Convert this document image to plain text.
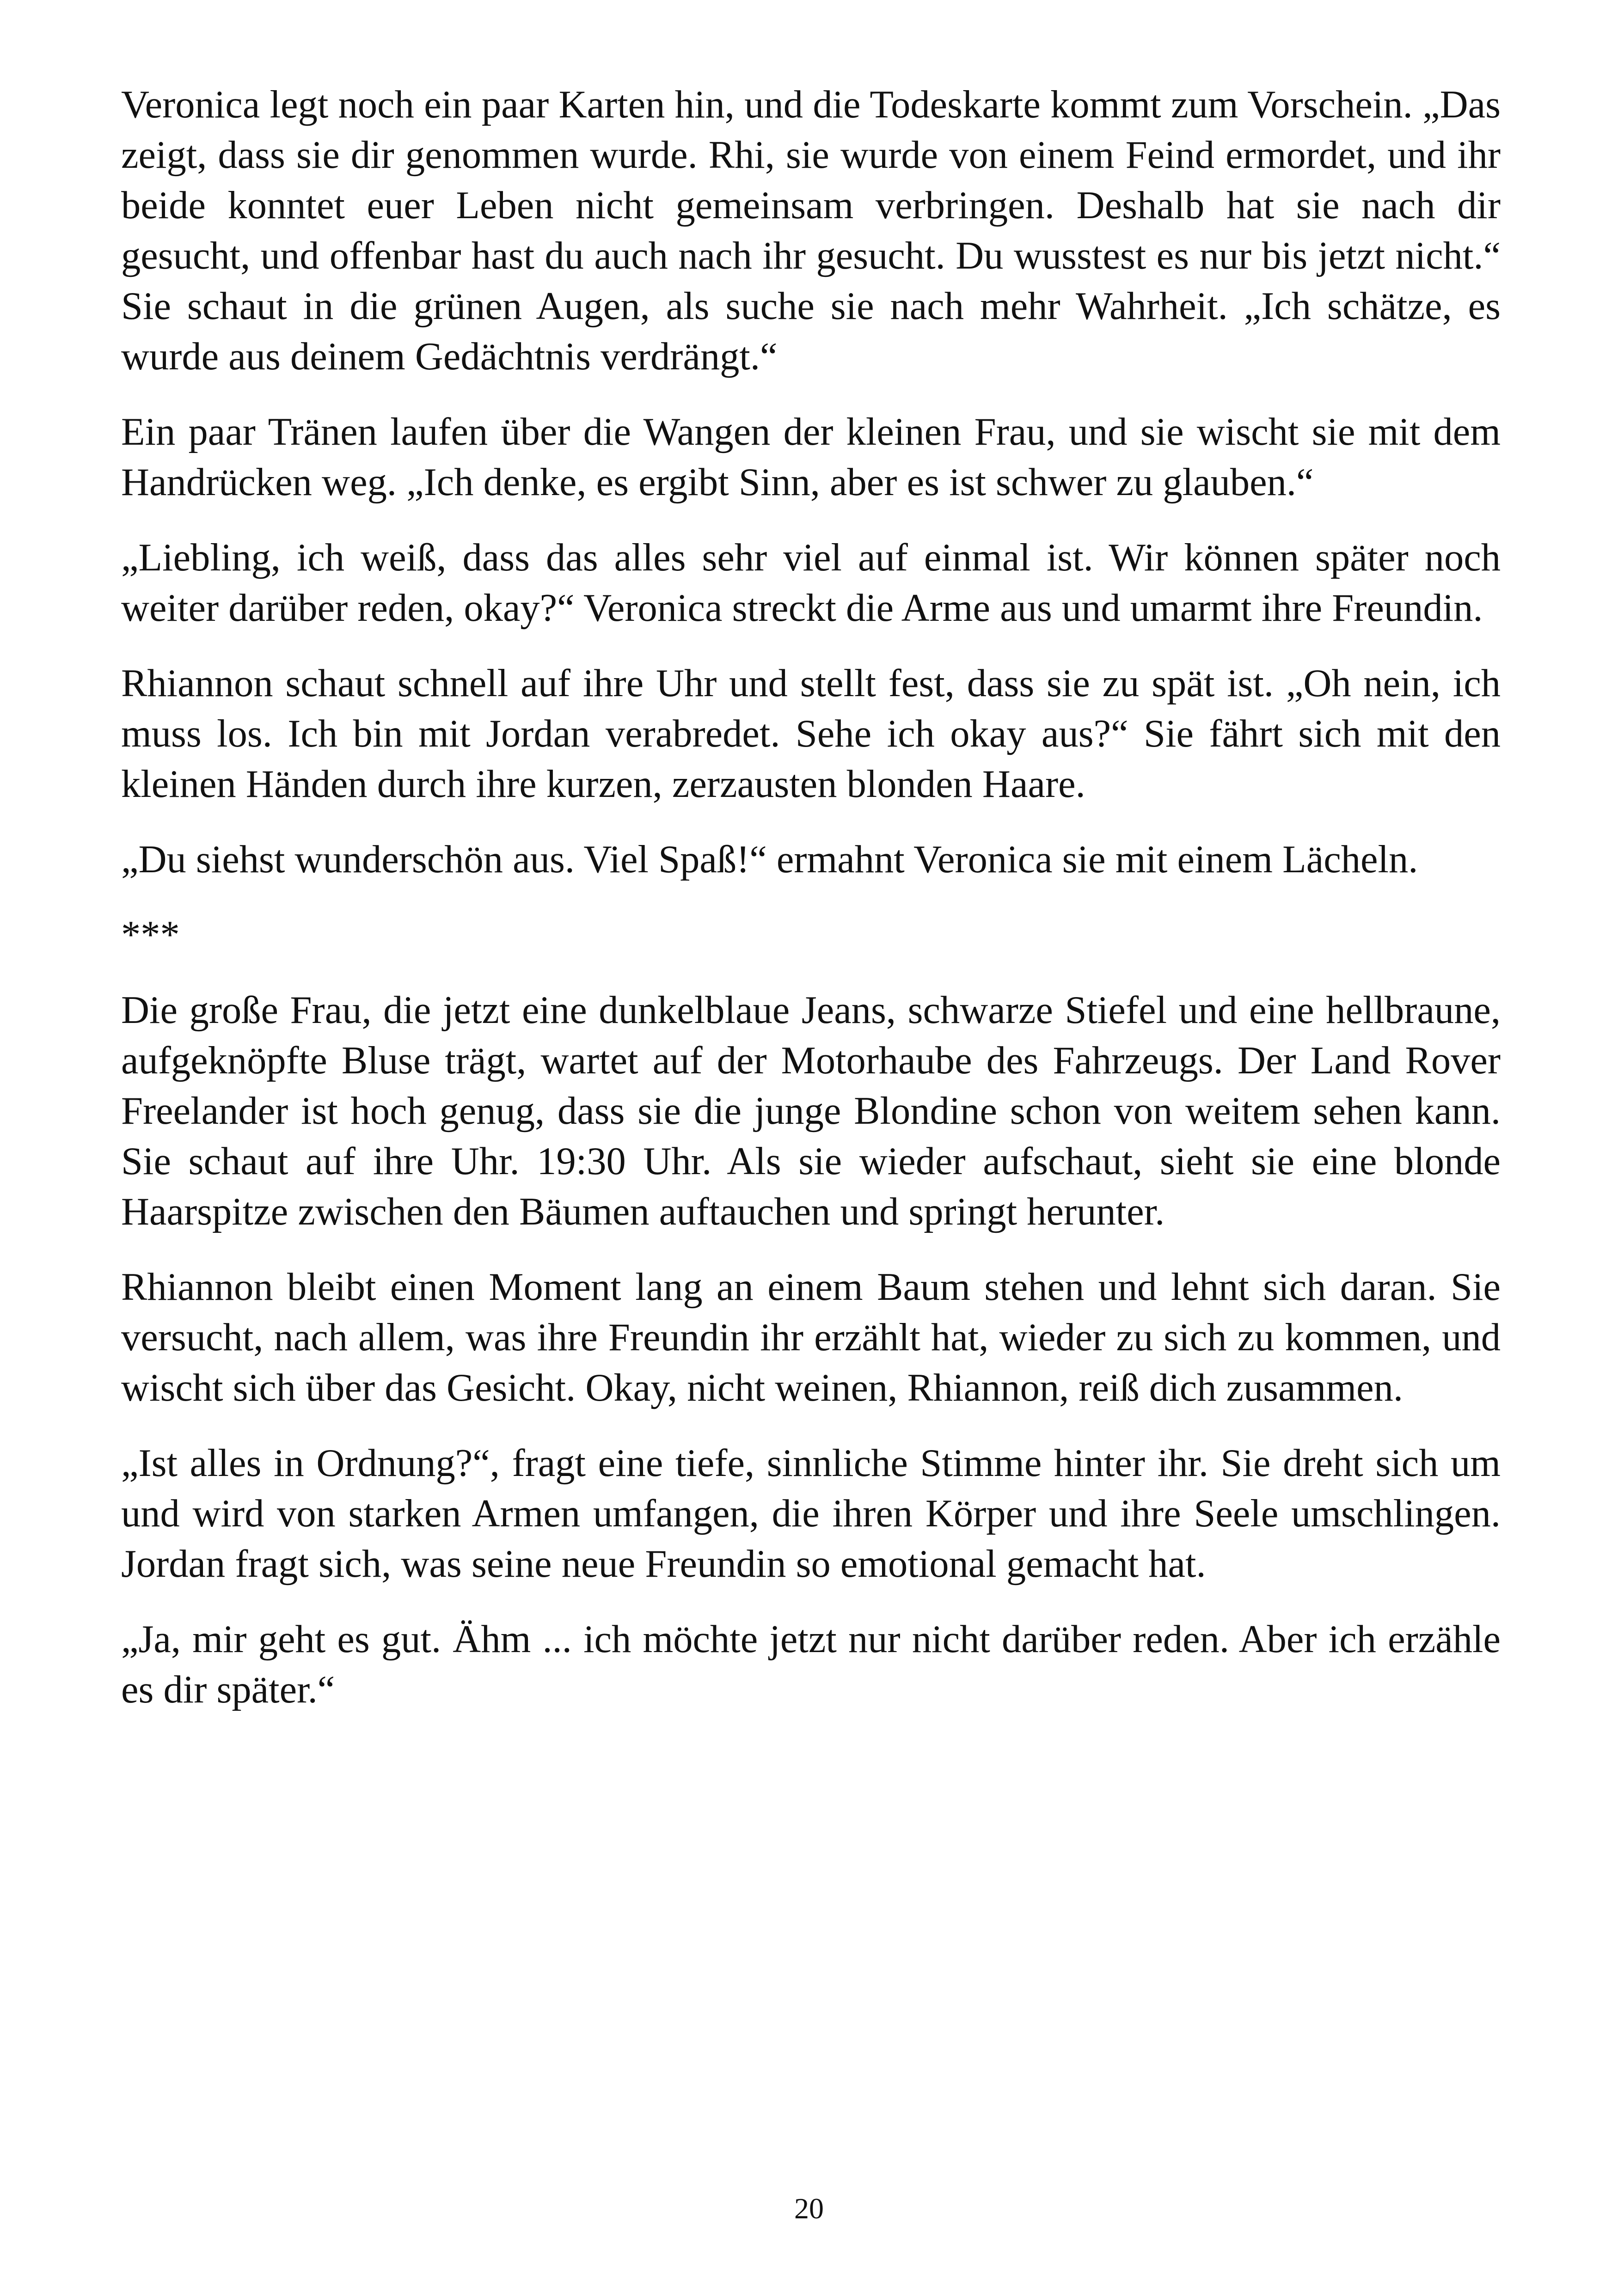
Veronica legt noch ein paar Karten hin, und die Todeskarte kommt zum Vorschein. „Das zeigt, dass sie dir genommen wurde. Rhi, sie wurde von einem Feind ermordet, und ihr beide konntet euer Leben nicht gemeinsam verbringen. Deshalb hat sie nach dir gesucht, und offenbar hast du auch nach ihr gesucht. Du wusstest es nur bis jetzt nicht.“ Sie schaut in die grünen Augen, als suche sie nach mehr Wahrheit. „Ich schätze, es wurde aus deinem Gedächtnis verdrängt.“

Ein paar Tränen laufen über die Wangen der kleinen Frau, und sie wischt sie mit dem Handrücken weg. „Ich denke, es ergibt Sinn, aber es ist schwer zu glauben.“

„Liebling, ich weiß, dass das alles sehr viel auf einmal ist. Wir können später noch weiter darüber reden, okay?“ Veronica streckt die Arme aus und umarmt ihre Freundin.

Rhiannon schaut schnell auf ihre Uhr und stellt fest, dass sie zu spät ist. „Oh nein, ich muss los. Ich bin mit Jordan verabredet. Sehe ich okay aus?“ Sie fährt sich mit den kleinen Händen durch ihre kurzen, zerzausten blonden Haare.

„Du siehst wunderschön aus. Viel Spaß!“ ermahnt Veronica sie mit einem Lächeln.

***

Die große Frau, die jetzt eine dunkelblaue Jeans, schwarze Stiefel und eine hellbraune, aufgeknöpfte Bluse trägt, wartet auf der Motorhaube des Fahrzeugs. Der Land Rover Freelander ist hoch genug, dass sie die junge Blondine schon von weitem sehen kann. Sie schaut auf ihre Uhr. 19:30 Uhr. Als sie wieder aufschaut, sieht sie eine blonde Haarspitze zwischen den Bäumen auftauchen und springt herunter.

Rhiannon bleibt einen Moment lang an einem Baum stehen und lehnt sich daran. Sie versucht, nach allem, was ihre Freundin ihr erzählt hat, wieder zu sich zu kommen, und wischt sich über das Gesicht. Okay, nicht weinen, Rhiannon, reiß dich zusammen.

„Ist alles in Ordnung?“, fragt eine tiefe, sinnliche Stimme hinter ihr. Sie dreht sich um und wird von starken Armen umfangen, die ihren Körper und ihre Seele umschlingen. Jordan fragt sich, was seine neue Freundin so emotional gemacht hat.

„Ja, mir geht es gut. Ähm ... ich möchte jetzt nur nicht darüber reden. Aber ich erzähle es dir später.“

20
